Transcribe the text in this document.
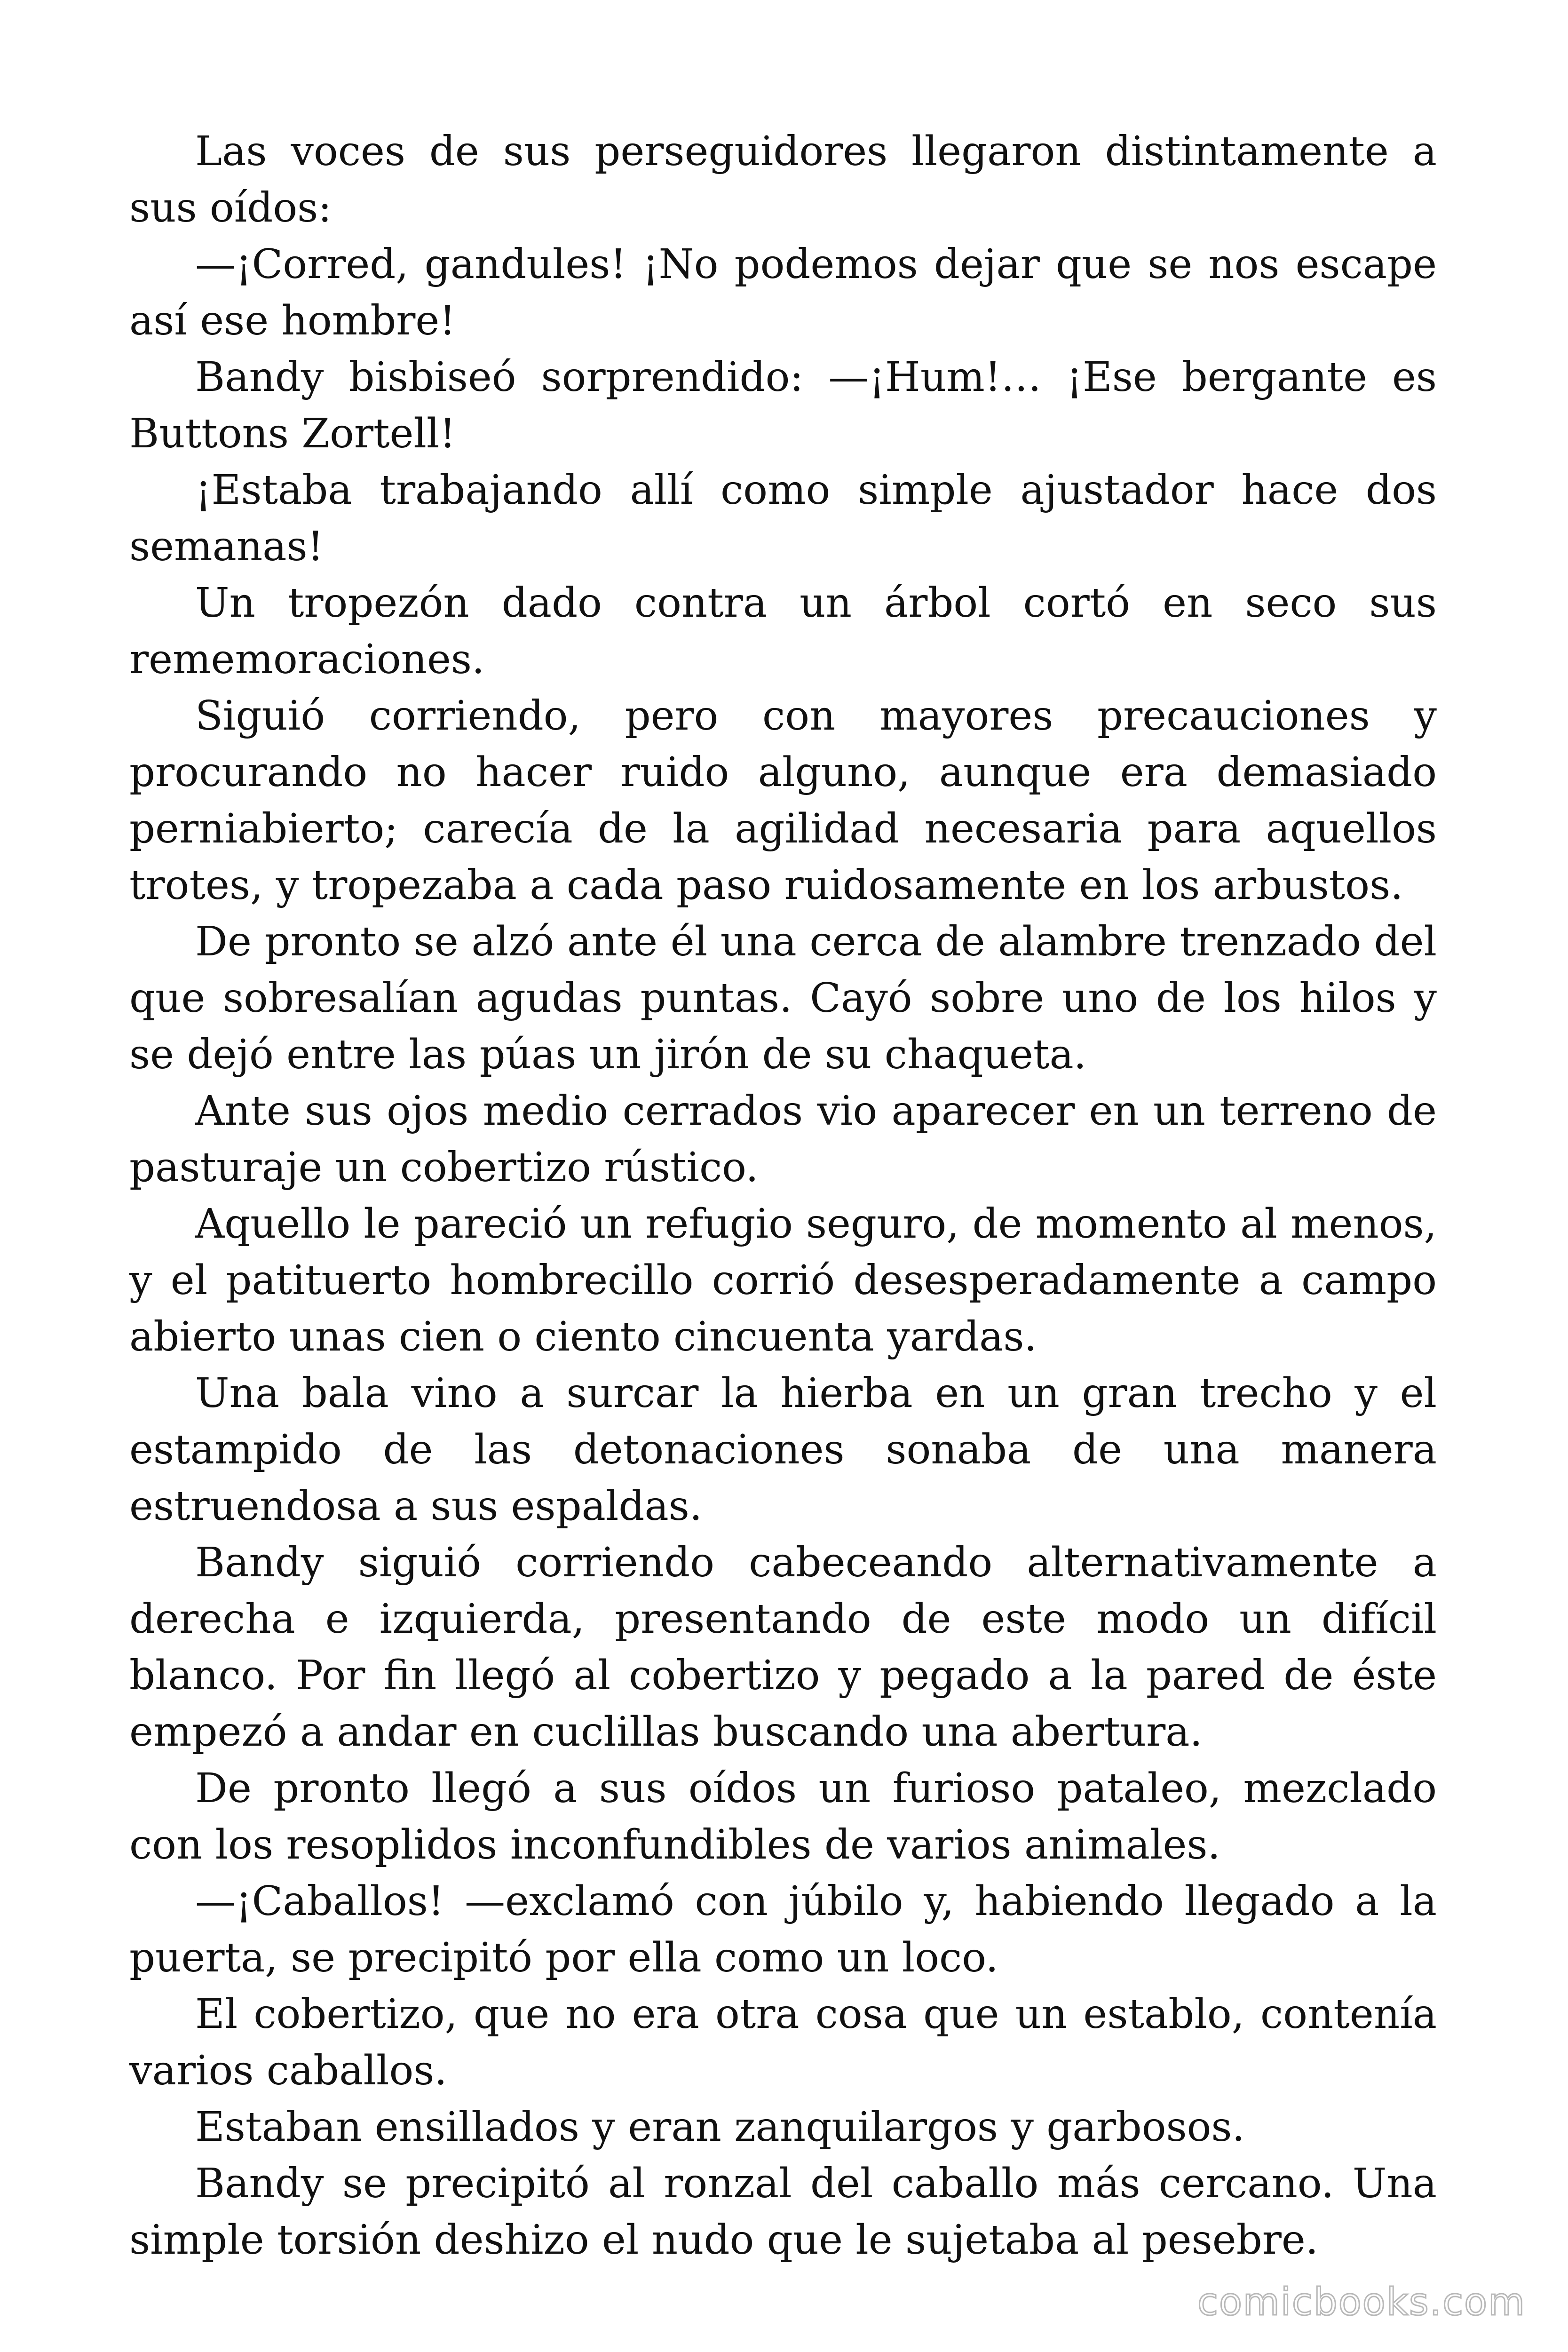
Las voces de sus perseguidores llegaron distintamente a sus oídos:

—¡Corred, gandules! ¡No podemos dejar que se nos escape así ese hombre!

Bandy bisbiseó sorprendido: —¡Hum!… ¡Ese bergante es Buttons Zortell!

¡Estaba trabajando allí como simple ajustador hace dos semanas!

Un tropezón dado contra un árbol cortó en seco sus rememoraciones.

Siguió corriendo, pero con mayores precauciones y procurando no hacer ruido alguno, aunque era demasiado perniabierto; carecía de la agilidad necesaria para aquellos trotes, y tropezaba a cada paso ruidosamente en los arbustos.

De pronto se alzó ante él una cerca de alambre trenzado del que sobresalían agudas puntas. Cayó sobre uno de los hilos y se dejó entre las púas un jirón de su chaqueta.

Ante sus ojos medio cerrados vio aparecer en un terreno de pasturaje un cobertizo rústico.

Aquello le pareció un refugio seguro, de momento al menos, y el patituerto hombrecillo corrió desesperadamente a campo abierto unas cien o ciento cincuenta yardas.

Una bala vino a surcar la hierba en un gran trecho y el estampido de las detonaciones sonaba de una manera estruendosa a sus espaldas.

Bandy siguió corriendo cabeceando alternativamente a derecha e izquierda, presentando de este modo un difícil blanco. Por fin llegó al cobertizo y pegado a la pared de éste empezó a andar en cuclillas buscando una abertura.

De pronto llegó a sus oídos un furioso pataleo, mezclado con los resoplidos inconfundibles de varios animales.

—¡Caballos! —exclamó con júbilo y, habiendo llegado a la puerta, se precipitó por ella como un loco.

El cobertizo, que no era otra cosa que un establo, contenía varios caballos.

Estaban ensillados y eran zanquilargos y garbosos.

Bandy se precipitó al ronzal del caballo más cercano. Una simple torsión deshizo el nudo que le sujetaba al pesebre.

comicbooks.com
